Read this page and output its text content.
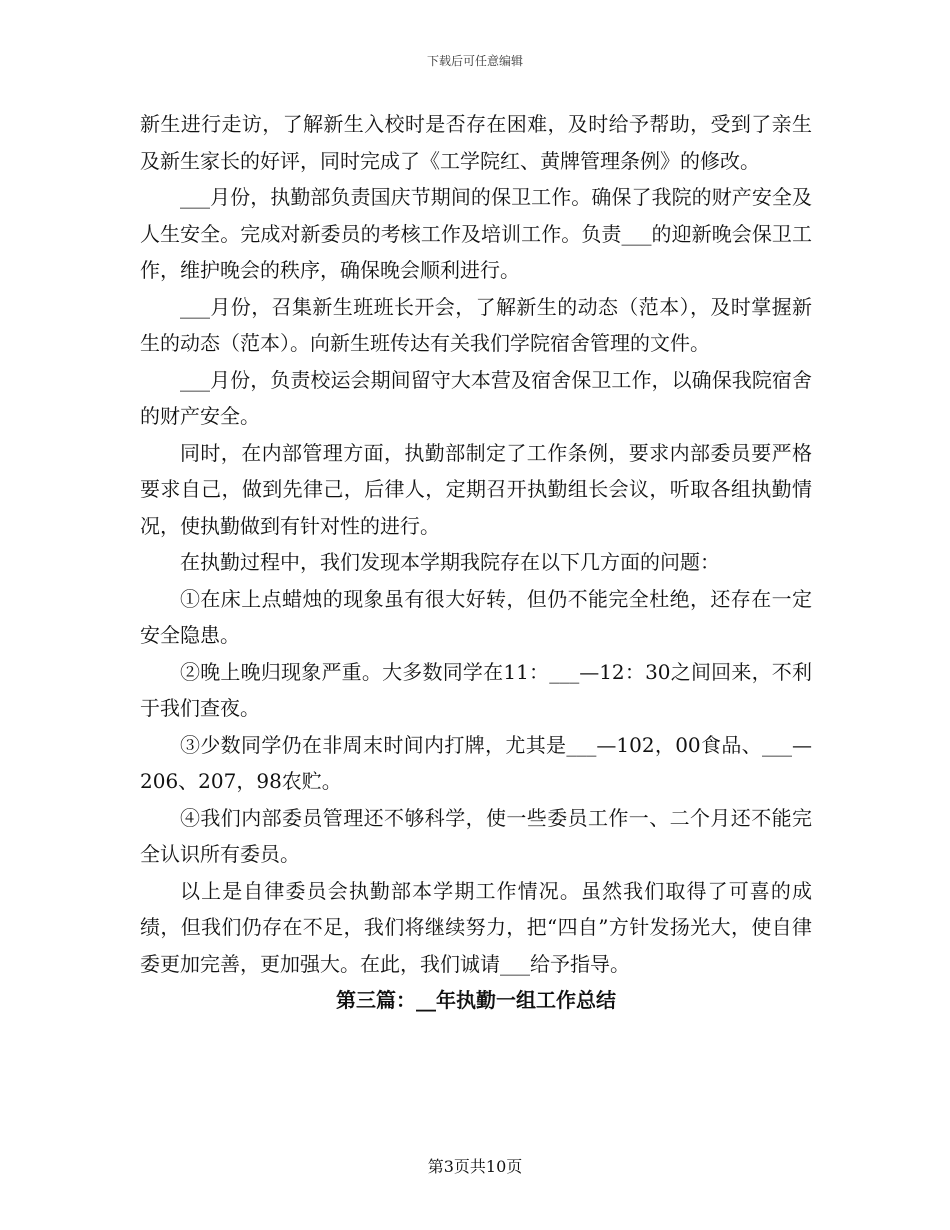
下载后可任意编辑

新生进行走访，了解新生入校时是否存在困难，及时给予帮助，受到了亲生及新生家长的好评，同时完成了《工学院红、黄牌管理条例》的修改。

___月份，执勤部负责国庆节期间的保卫工作。确保了我院的财产安全及人生安全。完成对新委员的考核工作及培训工作。负责___的迎新晚会保卫工作，维护晚会的秩序，确保晚会顺利进行。

___月份，召集新生班班长开会，了解新生的动态（范本），及时掌握新生的动态（范本）。向新生班传达有关我们学院宿舍管理的文件。

___月份，负责校运会期间留守大本营及宿舍保卫工作，以确保我院宿舍的财产安全。

同时，在内部管理方面，执勤部制定了工作条例，要求内部委员要严格要求自己，做到先律己，后律人，定期召开执勤组长会议，听取各组执勤情况，使执勤做到有针对性的进行。

在执勤过程中，我们发现本学期我院存在以下几方面的问题：

①在床上点蜡烛的现象虽有很大好转，但仍不能完全杜绝，还存在一定安全隐患。

②晚上晚归现象严重。大多数同学在11：___—12：30之间回来，不利于我们查夜。

③少数同学仍在非周末时间内打牌，尤其是___—102，00食品、___—206、207，98农贮。

④我们内部委员管理还不够科学，使一些委员工作一、二个月还不能完全认识所有委员。

以上是自律委员会执勤部本学期工作情况。虽然我们取得了可喜的成绩，但我们仍存在不足，我们将继续努力，把“四自”方针发扬光大，使自律委更加完善，更加强大。在此，我们诚请___给予指导。

第三篇：__年执勤一组工作总结

第3页共10页
